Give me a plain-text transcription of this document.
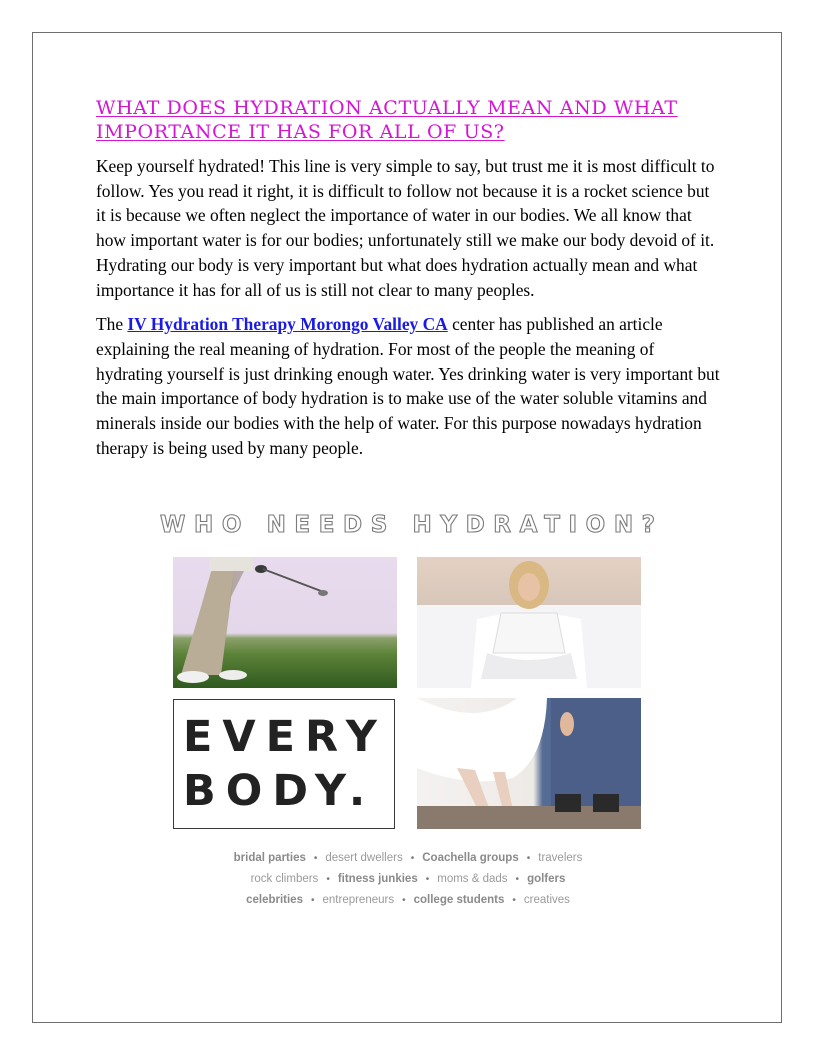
WHAT DOES HYDRATION ACTUALLY MEAN AND WHAT IMPORTANCE IT HAS FOR ALL OF US?

Keep yourself hydrated! This line is very simple to say, but trust me it is most difficult to follow. Yes you read it right, it is difficult to follow not because it is a rocket science but it is because we often neglect the importance of water in our bodies. We all know that how important water is for our bodies; unfortunately still we make our body devoid of it. Hydrating our body is very important but what does hydration actually mean and what importance it has for all of us is still not clear to many peoples.

The IV Hydration Therapy Morongo Valley CA center has published an article explaining the real meaning of hydration. For most of the people the meaning of hydrating yourself is just drinking enough water. Yes drinking water is very important but the main importance of body hydration is to make use of the water soluble vitamins and minerals inside our bodies with the help of water. For this purpose nowadays hydration therapy is being used by many people.

WHO NEEDS HYDRATION?
EVERY
BODY.
bridal parties • desert dwellers • Coachella groups • travelers
rock climbers • fitness junkies • moms & dads • golfers
celebrities • entrepreneurs • college students • creatives
